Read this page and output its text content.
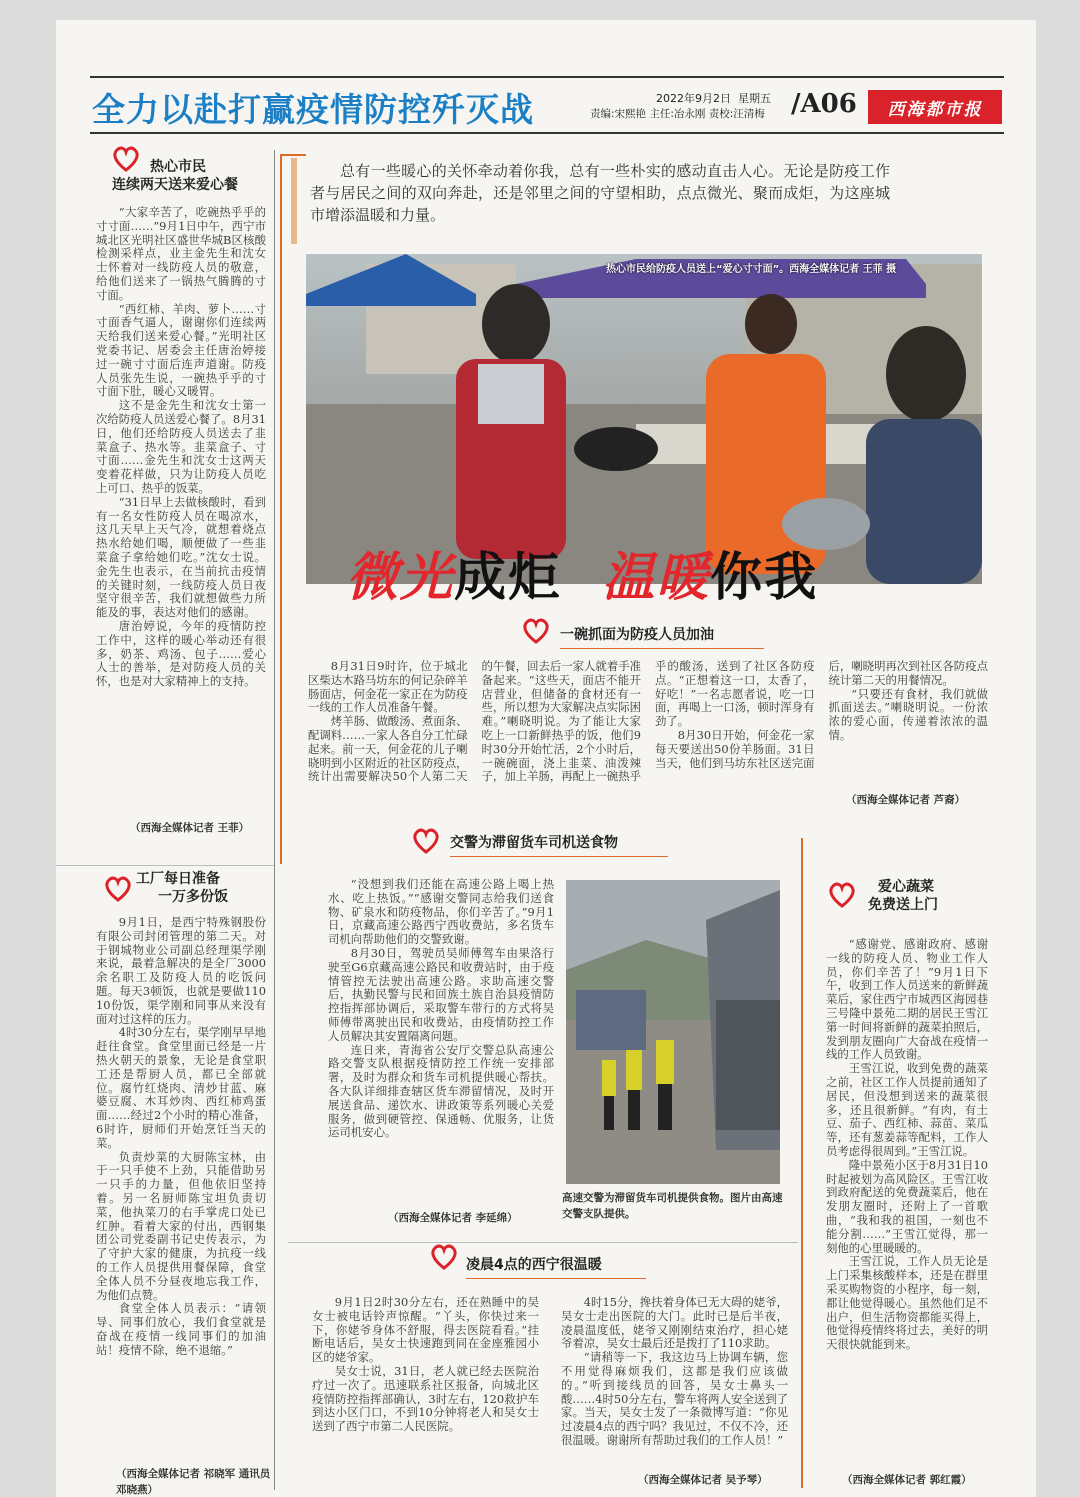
全力以赴打赢疫情防控歼灭战	2022年9月2日 星期五
责编:宋熙艳 主任:冶永刚 责校:汪清梅 /A06	西海都市报
总有一些暖心的关怀牵动着你我，总有一些朴实的感动直击人心。无论是防疫工作者与居民之间的双向奔赴，还是邻里之间的守望相助，点点微光、聚而成炬，为这座城市增添温暖和力量。
热心市民给防疫人员送上“爱心寸寸面”。西海全媒体记者 王菲 摄
微光成炬 温暖你我
热心市民
连续两天送来爱心餐

“大家辛苦了，吃碗热乎乎的寸寸面……”9月1日中午，西宁市城北区光明社区盛世华城B区核酸检测采样点，业主金先生和沈女士怀着对一线防疫人员的敬意，给他们送来了一锅热气腾腾的寸寸面。

“西红柿、羊肉、萝卜……寸寸面香气逼人，谢谢你们连续两天给我们送来爱心餐。”光明社区党委书记、居委会主任唐治婷接过一碗寸寸面后连声道谢。防疫人员张先生说，一碗热乎乎的寸寸面下肚，暖心又暖胃。

这不是金先生和沈女士第一次给防疫人员送爱心餐了。8月31日，他们还给防疫人员送去了韭菜盒子、热水等。韭菜盒子、寸寸面……金先生和沈女士这两天变着花样做，只为让防疫人员吃上可口、热乎的饭菜。

“31日早上去做核酸时，看到有一名女性防疫人员在喝凉水，这几天早上天气冷，就想着烧点热水给她们喝，顺便做了一些韭菜盒子拿给她们吃。”沈女士说。金先生也表示，在当前抗击疫情的关键时刻，一线防疫人员日夜坚守很辛苦，我们就想做些力所能及的事，表达对他们的感谢。

唐治婷说，今年的疫情防控工作中，这样的暖心举动还有很多，奶茶、鸡汤、包子……爱心人士的善举，是对防疫人员的关怀，也是对大家精神上的支持。

（西海全媒体记者 王菲）
工厂每日准备
一万多份饭

9月1日，是西宁特殊钢股份有限公司封闭管理的第二天。对于钢城物业公司副总经理渠学刚来说，最着急解决的是全厂3000余名职工及防疫人员的吃饭问题。每天3顿饭，也就是要做11010份饭，渠学刚和同事从来没有面对过这样的压力。

4时30分左右，渠学刚早早地赶往食堂。食堂里面已经是一片热火朝天的景象，无论是食堂职工还是帮厨人员，都已全部就位。腐竹红烧肉、清炒甘蓝、麻婆豆腐、木耳炒肉、西红柿鸡蛋面……经过2个小时的精心准备，6时许，厨师们开始烹饪当天的菜。

负责炒菜的大厨陈宝林，由于一只手使不上劲，只能借助另一只手的力量，但他依旧坚持着。另一名厨师陈宝坦负责切菜，他执菜刀的右手掌虎口处已红肿。看着大家的付出，西钢集团公司党委副书记史传表示，为了守护大家的健康，为抗疫一线的工作人员提供用餐保障，食堂全体人员不分昼夜地忘我工作，为他们点赞。

食堂全体人员表示：“请领导、同事们放心，我们食堂就是奋战在疫情一线同事们的加油站！疫情不除，绝不退缩。”

（西海全媒体记者 祁晓军 通讯员 邓晓燕）
一碗抓面为防疫人员加油

8月31日9时许，位于城北区柴达木路马坊东的何记杂碎羊肠面店，何金花一家正在为防疫一线的工作人员准备午餐。

烤羊肠、做酸汤、煮面条、配调料……一家人各自分工忙碌起来。前一天，何金花的儿子喇晓明到小区附近的社区防疫点，统计出需要解决50个人第二天的午餐，回去后一家人就着手准备起来。“这些天，面店不能开店营业，但储备的食材还有一些，所以想为大家解决点实际困难。”喇晓明说。为了能让大家吃上一口新鲜热乎的饭，他们9时30分开始忙活，2个小时后，一碗碗面，浇上韭菜、油泼辣子，加上羊肠，再配上一碗热乎乎的酸汤，送到了社区各防疫点。“正想着这一口，太香了，好吃！”一名志愿者说，吃一口面，再喝上一口汤，顿时浑身有劲了。

8月30日开始，何金花一家每天要送出50份羊肠面。31日当天，他们到马坊东社区送完面后，喇晓明再次到社区各防疫点统计第二天的用餐情况。

“只要还有食材，我们就做抓面送去。”喇晓明说。一份浓浓的爱心面，传递着浓浓的温情。

（西海全媒体记者 芦裔）
交警为滞留货车司机送食物

“没想到我们还能在高速公路上喝上热水、吃上热饭。”“感谢交警同志给我们送食物、矿泉水和防疫物品，你们辛苦了。”9月1日，京藏高速公路西宁西收费站，多名货车司机向帮助他们的交警致谢。

8月30日，驾驶员吴师傅驾车由果洛行驶至G6京藏高速公路民和收费站时，由于疫情管控无法驶出高速公路。求助高速交警后，执勤民警与民和回族土族自治县疫情防控指挥部协调后，采取警车带行的方式将吴师傅带离驶出民和收费站，由疫情防控工作人员解决其安置隔离问题。

连日来，青海省公安厅交警总队高速公路交警支队根据疫情防控工作统一安排部署，及时为群众和货车司机提供暖心帮扶。各大队详细排查辖区货车滞留情况，及时开展送食品、递饮水、讲政策等系列暖心关爱服务，做到硬管控、保通畅、优服务，让货运司机安心。

（西海全媒体记者 李延绵）
高速交警为滞留货车司机提供食物。图片由高速交警支队提供。
凌晨4点的西宁很温暖

9月1日2时30分左右，还在熟睡中的吴女士被电话铃声惊醒。“丫头，你快过来一下，你姥爷身体不舒服，得去医院看看。”挂断电话后，吴女士快速跑到同在金座雅园小区的姥爷家。

吴女士说，31日，老人就已经去医院治疗过一次了。迅速联系社区报备，向城北区疫情防控指挥部确认，3时左右，120救护车到达小区门口，不到10分钟将老人和吴女士送到了西宁市第二人民医院。

4时15分，搀扶着身体已无大碍的姥爷，吴女士走出医院的大门。此时已是后半夜，凌晨温度低，姥爷又刚刚结束治疗，担心姥爷着凉，吴女士最后还是拨打了110求助。

“请稍等一下，我这边马上协调车辆，您不用觉得麻烦我们，这都是我们应该做的。”听到接线员的回答，吴女士鼻头一酸……4时50分左右，警车将两人安全送到了家。当天，吴女士发了一条微博写道：“你见过凌晨4点的西宁吗？我见过，不仅不冷，还很温暖。谢谢所有帮助过我们的工作人员！”

（西海全媒体记者 吴予琴）
爱心蔬菜
免费送上门

“感谢党、感谢政府、感谢一线的防疫人员、物业工作人员，你们辛苦了！”9月1日下午，收到工作人员送来的新鲜蔬菜后，家住西宁市城西区海园巷三号隆中景苑二期的居民王雪江第一时间将新鲜的蔬菜拍照后，发到朋友圈向广大奋战在疫情一线的工作人员致谢。

王雪江说，收到免费的蔬菜之前，社区工作人员提前通知了居民，但没想到送来的蔬菜很多，还且很新鲜。“有肉，有土豆、茄子、西红柿、蒜苗、菜瓜等，还有葱姜蒜等配料，工作人员考虑得很周到。”王雪江说。

隆中景苑小区于8月31日10时起被划为高风险区。王雪江收到政府配送的免费蔬菜后，他在发朋友圈时，还附上了一首歌曲，“我和我的祖国，一刻也不能分割……”王雪江觉得，那一刻他的心里暖暖的。

王雪江说，工作人员无论是上门采集核酸样本，还是在群里采买购物资的小程序，每一刻，都让他觉得暖心。虽然他们足不出户，但生活物资都能买得上，他觉得疫情终将过去，美好的明天很快就能到来。

（西海全媒体记者 郭红霞）
